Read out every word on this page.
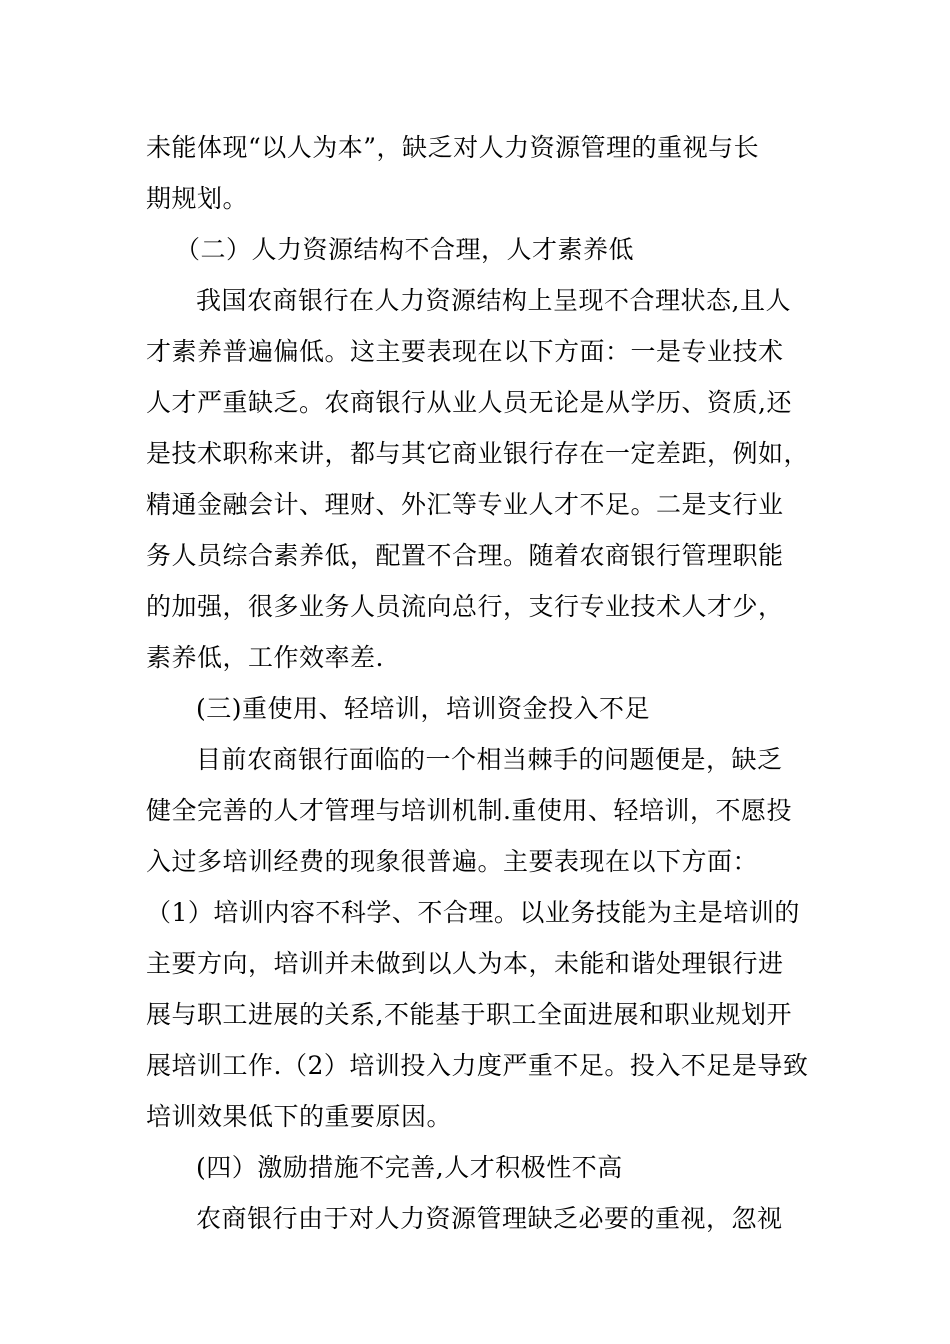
未能体现“以人为本”，缺乏对人力资源管理的重视与长
期规划。
（二）人力资源结构不合理，人才素养低
我国农商银行在人力资源结构上呈现不合理状态,且人
才素养普遍偏低。这主要表现在以下方面：一是专业技术
人才严重缺乏。农商银行从业人员无论是从学历、资质,还
是技术职称来讲，都与其它商业银行存在一定差距，例如，
精通金融会计、理财、外汇等专业人才不足。二是支行业
务人员综合素养低，配置不合理。随着农商银行管理职能
的加强，很多业务人员流向总行，支行专业技术人才少，
素养低，工作效率差.
(三)重使用、轻培训，培训资金投入不足
目前农商银行面临的一个相当棘手的问题便是，缺乏
健全完善的人才管理与培训机制.重使用、轻培训，不愿投
入过多培训经费的现象很普遍。主要表现在以下方面：
（1）培训内容不科学、不合理。以业务技能为主是培训的
主要方向，培训并未做到以人为本，未能和谐处理银行进
展与职工进展的关系,不能基于职工全面进展和职业规划开
展培训工作.（2）培训投入力度严重不足。投入不足是导致
培训效果低下的重要原因。
(四）激励措施不完善,人才积极性不高
农商银行由于对人力资源管理缺乏必要的重视，忽视
